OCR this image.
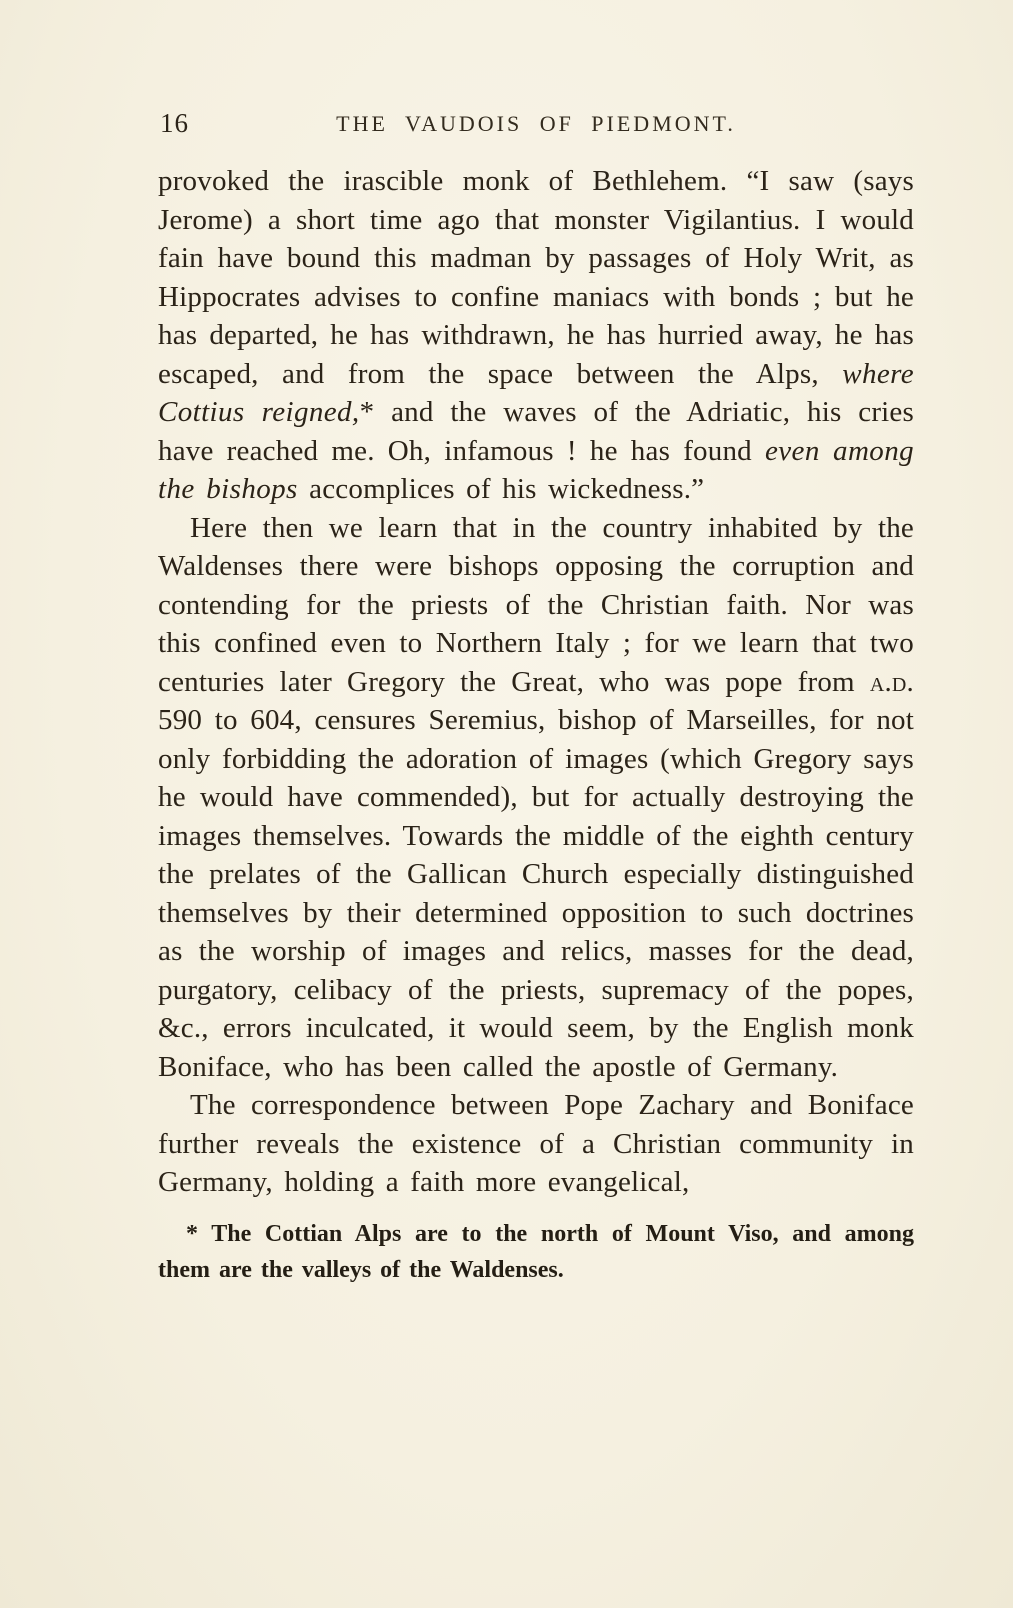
16	THE VAUDOIS OF PIEDMONT.

provoked the irascible monk of Bethlehem. “I saw (says Jerome) a short time ago that monster Vigilantius. I would fain have bound this madman by passages of Holy Writ, as Hippocrates advises to confine maniacs with bonds ; but he has departed, he has withdrawn, he has hurried away, he has escaped, and from the space between the Alps, where Cottius reigned,* and the waves of the Adriatic, his cries have reached me. Oh, infamous ! he has found even among the bishops accomplices of his wickedness.”

Here then we learn that in the country inhabited by the Waldenses there were bishops opposing the corruption and contending for the priests of the Christian faith. Nor was this confined even to Northern Italy ; for we learn that two centuries later Gregory the Great, who was pope from a.d. 590 to 604, censures Seremius, bishop of Marseilles, for not only forbidding the adoration of images (which Gregory says he would have commended), but for actually destroying the images themselves. Towards the middle of the eighth century the prelates of the Gallican Church especially distinguished themselves by their determined opposition to such doctrines as the worship of images and relics, masses for the dead, purgatory, celibacy of the priests, supremacy of the popes, &c., errors inculcated, it would seem, by the English monk Boniface, who has been called the apostle of Germany.

The correspondence between Pope Zachary and Boniface further reveals the existence of a Christian community in Germany, holding a faith more evangelical,

* The Cottian Alps are to the north of Mount Viso, and among them are the valleys of the Waldenses.
